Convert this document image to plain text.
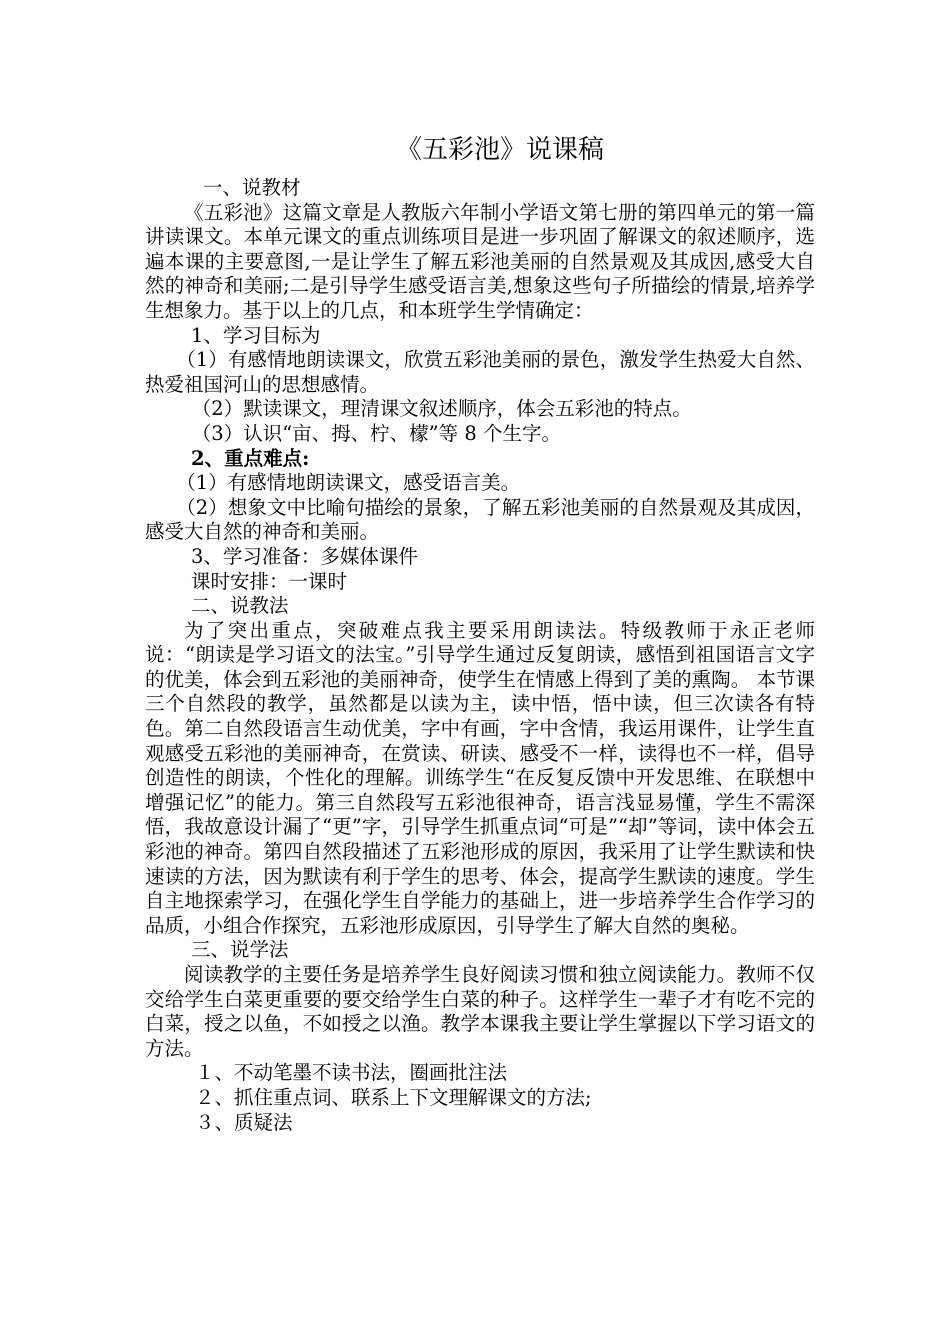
《五彩池》说课稿

一、说教材

《五彩池》这篇文章是人教版六年制小学语文第七册的第四单元的第一篇讲读课文。本单元课文的重点训练项目是进一步巩固了解课文的叙述顺序，选遍本课的主要意图,一是让学生了解五彩池美丽的自然景观及其成因,感受大自然的神奇和美丽;二是引导学生感受语言美,想象这些句子所描绘的情景,培养学生想象力。基于以上的几点，和本班学生学情确定：

1、学习目标为

（1）有感情地朗读课文，欣赏五彩池美丽的景色，激发学生热爱大自然、热爱祖国河山的思想感情。

（2）默读课文，理清课文叙述顺序，体会五彩池的特点。

（3）认识“亩、拇、柠、檬”等 8 个生字。

2、重点难点:

（1）有感情地朗读课文，感受语言美。

（2）想象文中比喻句描绘的景象，了解五彩池美丽的自然景观及其成因，感受大自然的神奇和美丽。

3、学习准备：多媒体课件

课时安排：一课时

二、说教法

为了突出重点，突破难点我主要采用朗读法。特级教师于永正老师说：“朗读是学习语文的法宝。”引导学生通过反复朗读，感悟到祖国语言文字的优美，体会到五彩池的美丽神奇，使学生在情感上得到了美的熏陶。 本节课三个自然段的教学，虽然都是以读为主，读中悟，悟中读，但三次读各有特色。第二自然段语言生动优美，字中有画，字中含情，我运用课件，让学生直观感受五彩池的美丽神奇，在赏读、研读、感受不一样，读得也不一样，倡导创造性的朗读，个性化的理解。训练学生“在反复反馈中开发思维、在联想中增强记忆”的能力。第三自然段写五彩池很神奇，语言浅显易懂，学生不需深悟，我故意设计漏了“更”字，引导学生抓重点词“可是”“却”等词，读中体会五彩池的神奇。第四自然段描述了五彩池形成的原因，我采用了让学生默读和快速读的方法，因为默读有利于学生的思考、体会，提高学生默读的速度。学生自主地探索学习，在强化学生自学能力的基础上，进一步培养学生合作学习的品质，小组合作探究，五彩池形成原因，引导学生了解大自然的奥秘。

三、说学法

阅读教学的主要任务是培养学生良好阅读习惯和独立阅读能力。教师不仅交给学生白菜更重要的要交给学生白菜的种子。这样学生一辈子才有吃不完的白菜，授之以鱼，不如授之以渔。教学本课我主要让学生掌握以下学习语文的方法。

１、不动笔墨不读书法，圈画批注法

２、抓住重点词、联系上下文理解课文的方法;

３、质疑法
